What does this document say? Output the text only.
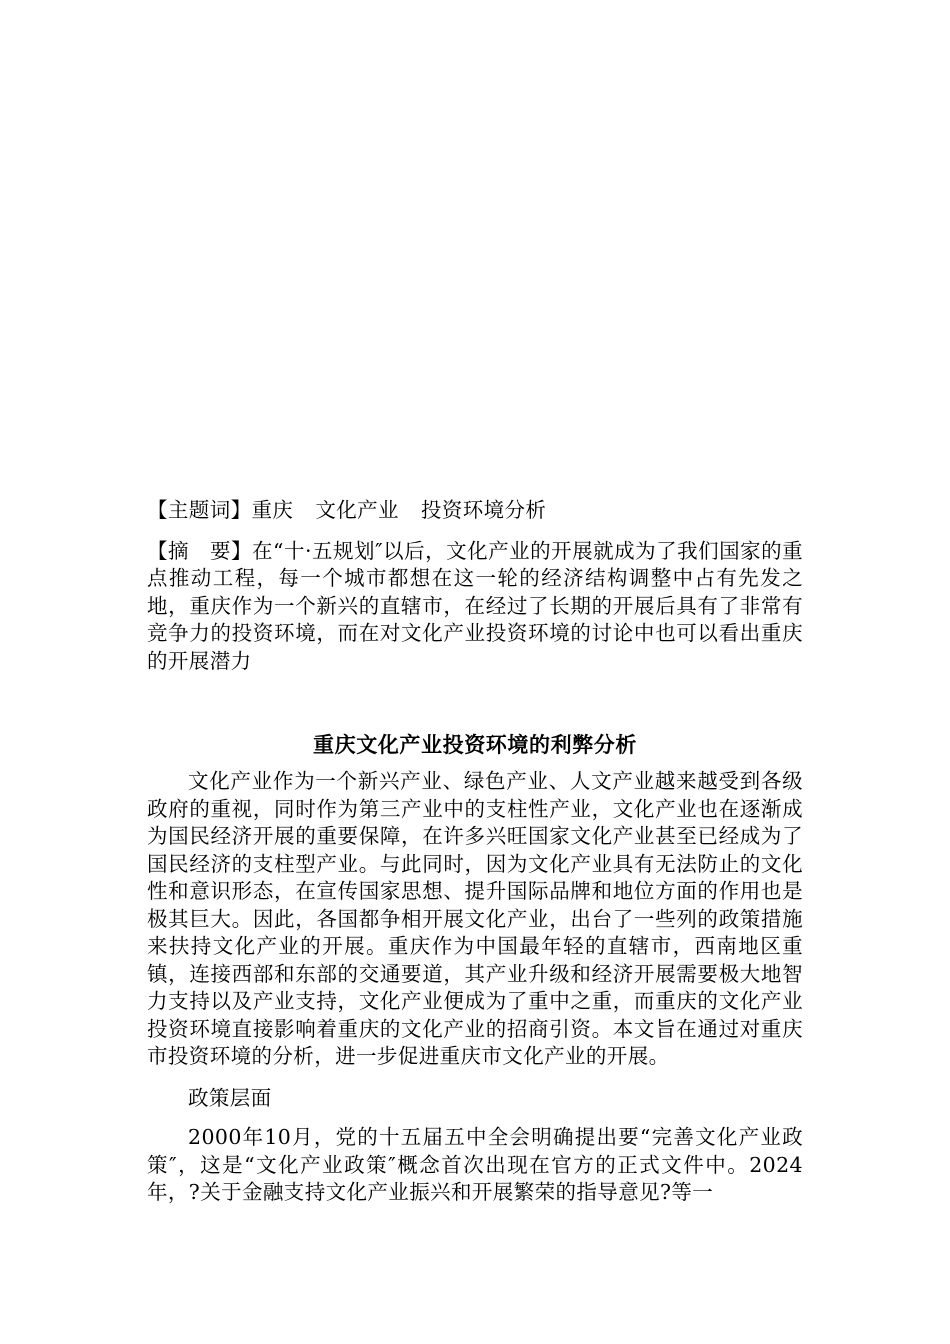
【主题词】重庆 文化产业 投资环境分析

【摘　要】在“十·五规划″以后，文化产业的开展就成为了我们国家的重点推动工程，每一个城市都想在这一轮的经济结构调整中占有先发之地，重庆作为一个新兴的直辖市，在经过了长期的开展后具有了非常有竞争力的投资环境，而在对文化产业投资环境的讨论中也可以看出重庆的开展潜力

重庆文化产业投资环境的利弊分析

文化产业作为一个新兴产业、绿色产业、人文产业越来越受到各级政府的重视，同时作为第三产业中的支柱性产业，文化产业也在逐渐成为国民经济开展的重要保障，在许多兴旺国家文化产业甚至已经成为了国民经济的支柱型产业。与此同时，因为文化产业具有无法防止的文化性和意识形态，在宣传国家思想、提升国际品牌和地位方面的作用也是极其巨大。因此，各国都争相开展文化产业，出台了一些列的政策措施来扶持文化产业的开展。重庆作为中国最年轻的直辖市，西南地区重镇，连接西部和东部的交通要道，其产业升级和经济开展需要极大地智力支持以及产业支持，文化产业便成为了重中之重，而重庆的文化产业投资环境直接影响着重庆的文化产业的招商引资。本文旨在通过对重庆市投资环境的分析，进一步促进重庆市文化产业的开展。

政策层面

2000年10月，党的十五届五中全会明确提出要“完善文化产业政策″，这是“文化产业政策″概念首次出现在官方的正式文件中。2024年，?关于金融支持文化产业振兴和开展繁荣的指导意见?等一
